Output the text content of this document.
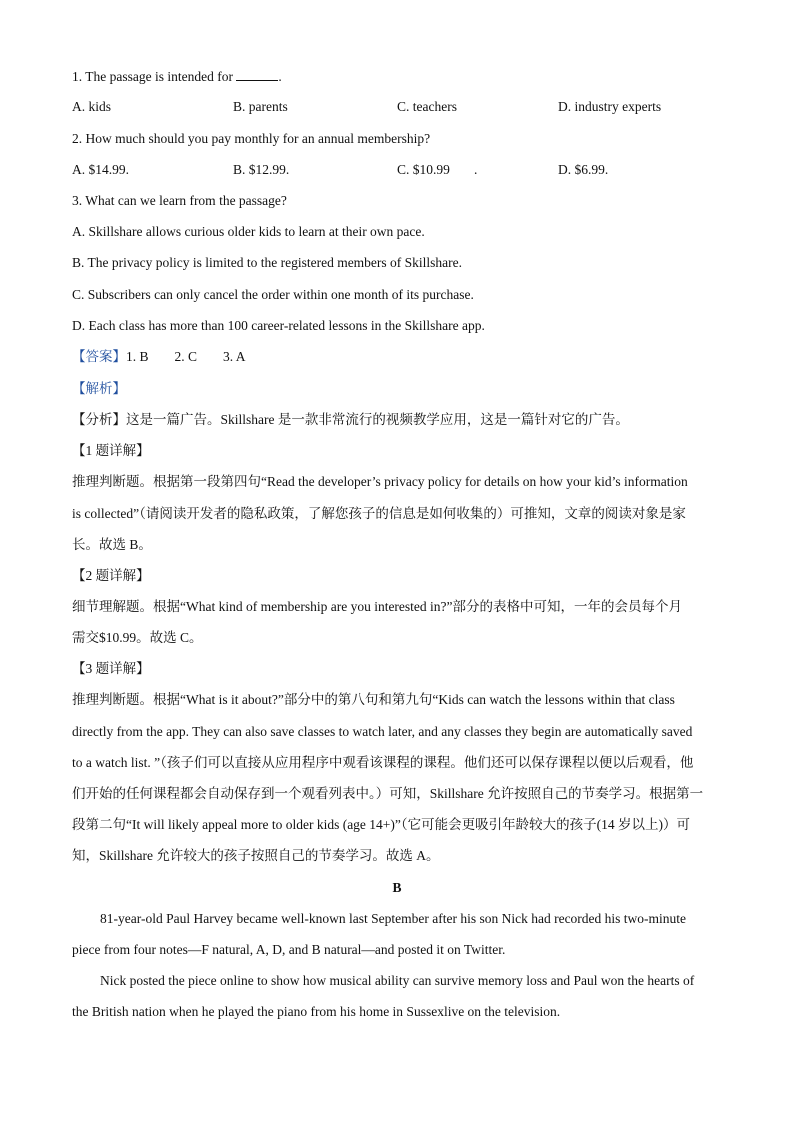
1. The passage is intended for	.
A. kids	B. parents	C. teachers	D. industry experts
2. How much should you pay monthly for an annual membership?
A. $14.99.	B. $12.99.	C. $10.99 .	D. $6.99.
3. What can we learn from the passage?
A. Skillshare allows curious older kids to learn at their own pace.
B. The privacy policy is limited to the registered members of Skillshare.
C. Subscribers can only cancel the order within one month of its purchase.
D. Each class has more than 100 career-related lessons in the Skillshare app.
【答案】1. B 2. C 3. A
【解析】
【分析】这是一篇广告。Skillshare 是一款非常流行的视频教学应用，这是一篇针对它的广告。
【1 题详解】
推理判断题。根据第一段第四句“Read the developer’s privacy policy for details on how your kid’s information
is collected”（请阅读开发者的隐私政策，了解您孩子的信息是如何收集的）可推知，文章的阅读对象是家
长。故选 B。
【2 题详解】
细节理解题。根据“What kind of membership are you interested in?”部分的表格中可知，一年的会员每个月
需交$10.99。故选 C。
【3 题详解】
推理判断题。根据“What is it about?”部分中的第八句和第九句“Kids can watch the lessons within that class
directly from the app. They can also save classes to watch later, and any classes they begin are automatically saved
to a watch list. ”（孩子们可以直接从应用程序中观看该课程的课程。他们还可以保存课程以便以后观看，他
们开始的任何课程都会自动保存到一个观看列表中。）可知，Skillshare 允许按照自己的节奏学习。根据第一
段第二句“It will likely appeal more to older kids (age 14+)”（它可能会更吸引年龄较大的孩子(14 岁以上)）可
知，Skillshare 允许较大的孩子按照自己的节奏学习。故选 A。
B
81-year-old Paul Harvey became well-known last September after his son Nick had recorded his two-minute
piece from four notes—F natural, A, D, and B natural—and posted it on Twitter.
Nick posted the piece online to show how musical ability can survive memory loss and Paul won the hearts of
the British nation when he played the piano from his home in Sussexlive on the television.
